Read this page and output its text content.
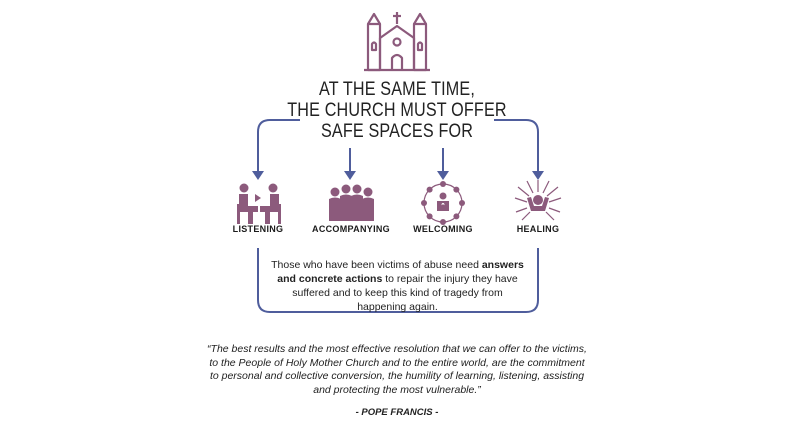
AT THE SAME TIME,
THE CHURCH MUST OFFER
SAFE SPACES FOR
LISTENING	ACCOMPANYING	WELCOMING	HEALING
Those who have been victims of abuse need answers and concrete actions to repair the injury they have suffered and to keep this kind of tragedy from happening again.
“The best results and the most effective resolution that we can offer to the victims, to the People of Holy Mother Church and to the entire world, are the commitment to personal and collective conversion, the humility of learning, listening, assisting and protecting the most vulnerable.”
- POPE FRANCIS -
